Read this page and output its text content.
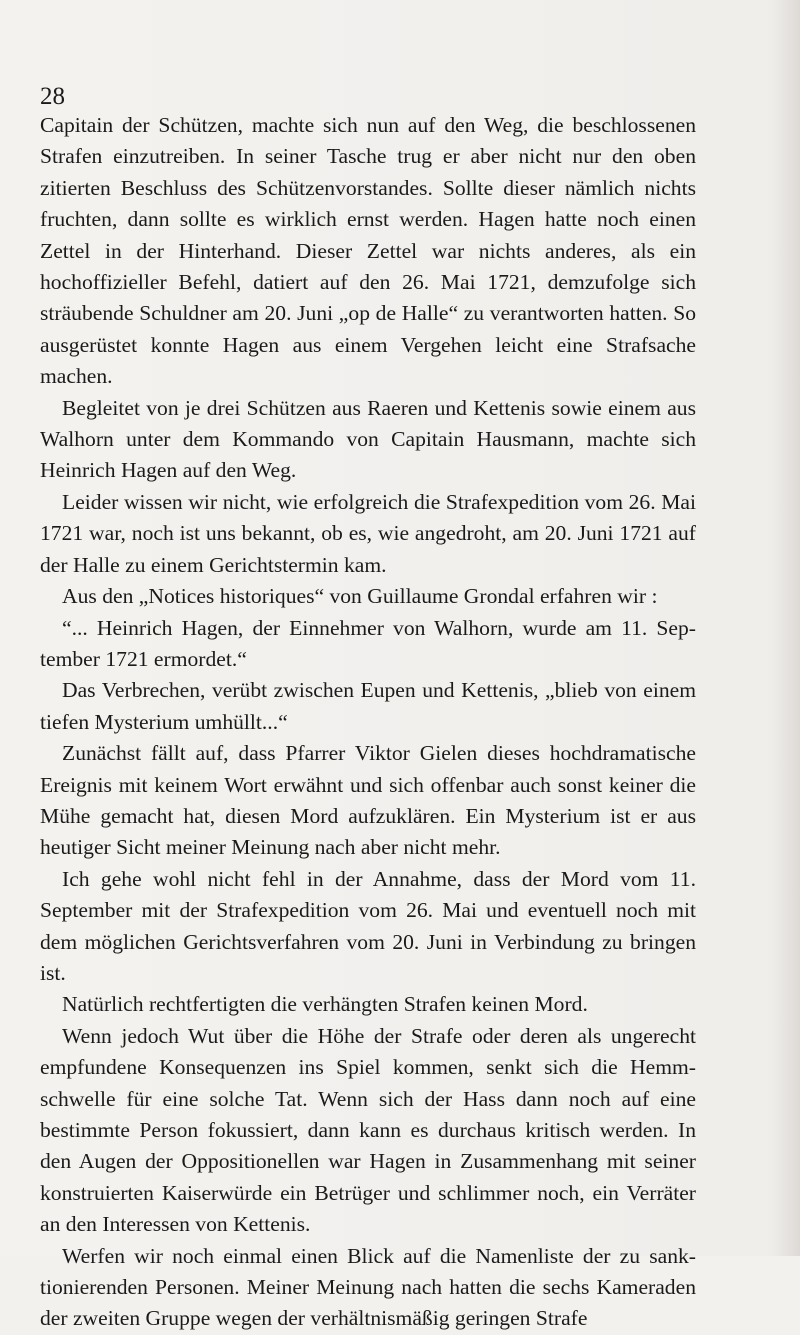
28

Capitain der Schützen, machte sich nun auf den Weg, die beschlossenen Strafen einzutreiben. In seiner Tasche trug er aber nicht nur den oben zitierten Beschluss des Schützenvorstandes. Sollte dieser nämlich nichts fruchten, dann sollte es wirklich ernst werden. Hagen hatte noch einen Zettel in der Hinterhand. Dieser Zettel war nichts anderes, als ein hochoffizieller Befehl, datiert auf den 26. Mai 1721, demzufolge sich sträubende Schuldner am 20. Juni „op de Halle“ zu verantworten hatten. So ausgerüstet konnte Hagen aus einem Vergehen leicht eine Strafsache machen.

Begleitet von je drei Schützen aus Raeren und Kettenis sowie einem aus Walhorn unter dem Kommando von Capitain Hausmann, machte sich Heinrich Hagen auf den Weg.

Leider wissen wir nicht, wie erfolgreich die Strafexpedition vom 26. Mai 1721 war, noch ist uns bekannt, ob es, wie angedroht, am 20. Juni 1721 auf der Halle zu einem Gerichtstermin kam.

Aus den „Notices historiques“ von Guillaume Grondal erfahren wir :

“... Heinrich Hagen, der Einnehmer von Walhorn, wurde am 11. September 1721 ermordet.“

Das Verbrechen, verübt zwischen Eupen und Kettenis, „blieb von einem tiefen Mysterium umhüllt...“

Zunächst fällt auf, dass Pfarrer Viktor Gielen dieses hochdramatische Ereignis mit keinem Wort erwähnt und sich offenbar auch sonst keiner die Mühe gemacht hat, diesen Mord aufzuklären. Ein Mysterium ist er aus heutiger Sicht meiner Meinung nach aber nicht mehr.

Ich gehe wohl nicht fehl in der Annahme, dass der Mord vom 11. September mit der Strafexpedition vom 26. Mai und eventuell noch mit dem möglichen Gerichtsverfahren vom 20. Juni in Verbindung zu bringen ist.

Natürlich rechtfertigten die verhängten Strafen keinen Mord.

Wenn jedoch Wut über die Höhe der Strafe oder deren als ungerecht empfundene Konsequenzen ins Spiel kommen, senkt sich die Hemmschwelle für eine solche Tat. Wenn sich der Hass dann noch auf eine bestimmte Person fokussiert, dann kann es durchaus kritisch werden. In den Augen der Oppositionellen war Hagen in Zusammenhang mit seiner konstruierten Kaiserwürde ein Betrüger und schlimmer noch, ein Verräter an den Interessen von Kettenis.

Werfen wir noch einmal einen Blick auf die Namenliste der zu sanktionierenden Personen. Meiner Meinung nach hatten die sechs Kameraden der zweiten Gruppe wegen der verhältnismäßig geringen Strafe
